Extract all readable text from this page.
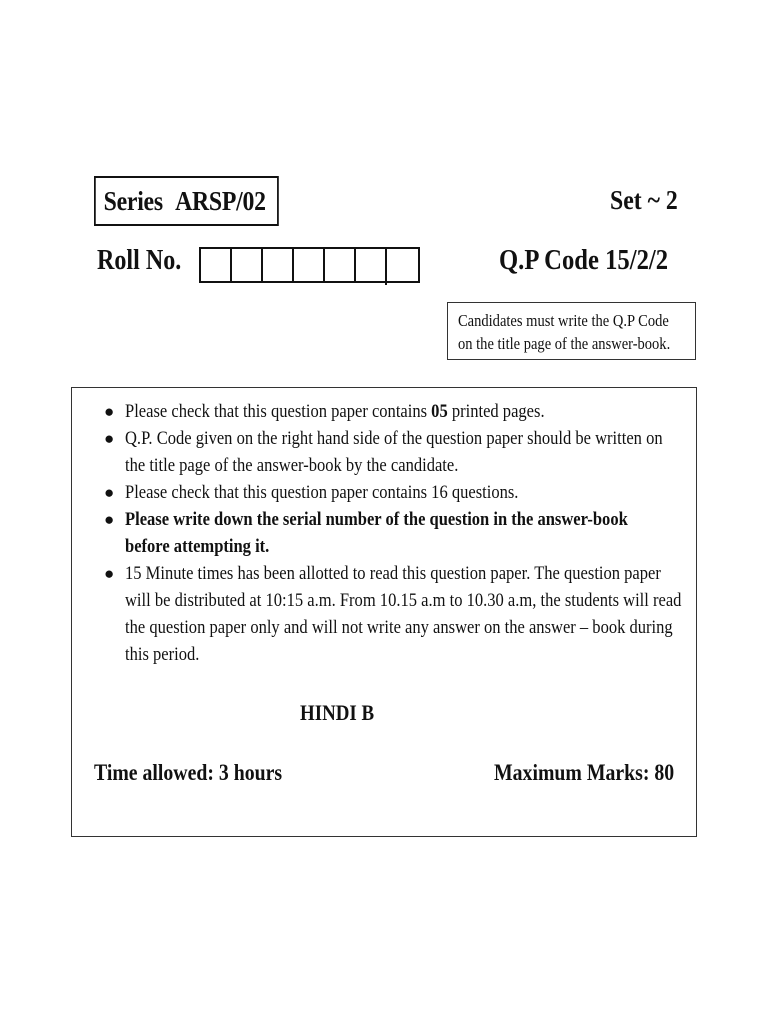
Series ARSP/02	Set ~ 2
Roll No.	Q.P Code 15/2/2
Candidates must write the Q.P Code
on the title page of the answer-book.
● Please check that this question paper contains 05 printed pages.
● Q.P. Code given on the right hand side of the question paper should be written on the title page of the answer-book by the candidate.
● Please check that this question paper contains 16 questions.
● Please write down the serial number of the question in the answer-book before attempting it.
● 15 Minute times has been allotted to read this question paper. The question paper will be distributed at 10:15 a.m. From 10.15 a.m to 10.30 a.m, the students will read the question paper only and will not write any answer on the answer – book during this period.
HINDI B
Time allowed: 3 hours	Maximum Marks: 80
